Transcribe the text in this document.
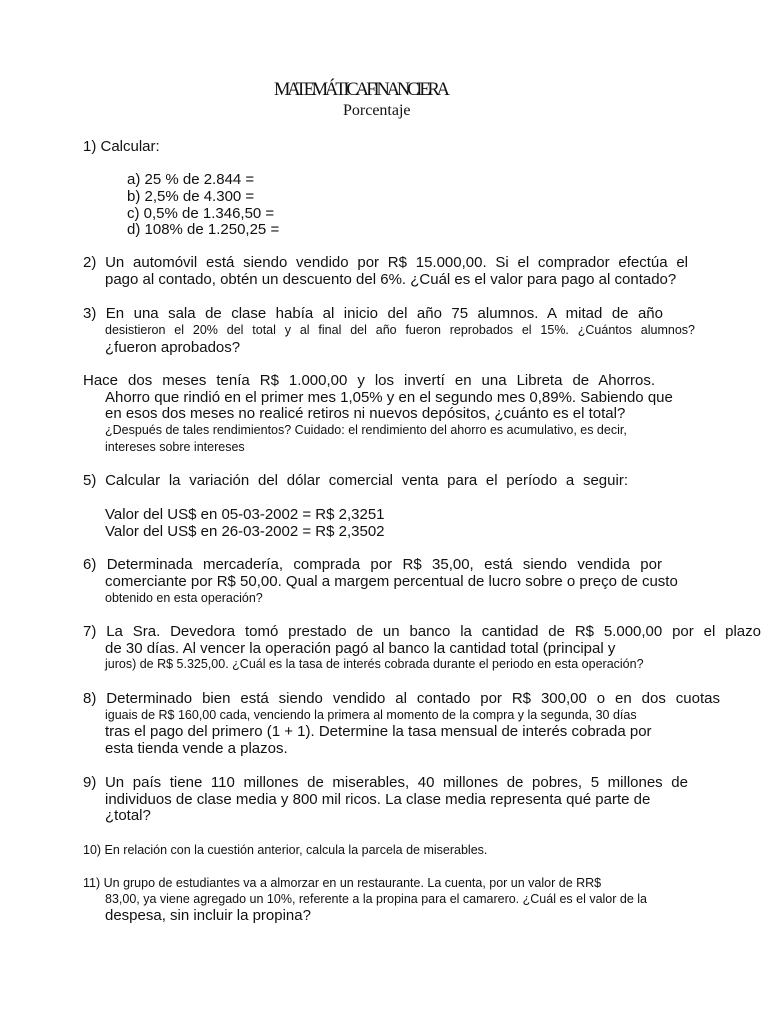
MATEMÁTICA FINANCIERA
Porcentaje
1) Calcular:
a) 25 % de 2.844 =
b) 2,5% de 4.300 =
c) 0,5% de 1.346,50 =
d) 108% de 1.250,25 =
2) Un automóvil está siendo vendido por R$ 15.000,00. Si el comprador efectúa el
pago al contado, obtén un descuento del 6%. ¿Cuál es el valor para pago al contado?
3) En una sala de clase había al inicio del año 75 alumnos. A mitad de año
desistieron el 20% del total y al final del año fueron reprobados el 15%. ¿Cuántos alumnos?
¿fueron aprobados?
Hace dos meses tenía R$ 1.000,00 y los invertí en una Libreta de Ahorros.
Ahorro que rindió en el primer mes 1,05% y en el segundo mes 0,89%. Sabiendo que
en esos dos meses no realicé retiros ni nuevos depósitos, ¿cuánto es el total?
¿Después de tales rendimientos? Cuidado: el rendimiento del ahorro es acumulativo, es decir,
intereses sobre intereses
5) Calcular la variación del dólar comercial venta para el período a seguir:
Valor del US$ en 05-03-2002 = R$ 2,3251
Valor del US$ en 26-03-2002 = R$ 2,3502
6) Determinada mercadería, comprada por R$ 35,00, está siendo vendida por
comerciante por R$ 50,00. Qual a margem percentual de lucro sobre o preço de custo
obtenido en esta operación?
7) La Sra. Devedora tomó prestado de un banco la cantidad de R$ 5.000,00 por el plazo
de 30 días. Al vencer la operación pagó al banco la cantidad total (principal y
juros) de R$ 5.325,00. ¿Cuál es la tasa de interés cobrada durante el periodo en esta operación?
8) Determinado bien está siendo vendido al contado por R$ 300,00 o en dos cuotas
iguais de R$ 160,00 cada, venciendo la primera al momento de la compra y la segunda, 30 días
tras el pago del primero (1 + 1). Determine la tasa mensual de interés cobrada por
esta tienda vende a plazos.
9) Un país tiene 110 millones de miserables, 40 millones de pobres, 5 millones de
individuos de clase media y 800 mil ricos. La clase media representa qué parte de
¿total?
10) En relación con la cuestión anterior, calcula la parcela de miserables.
11) Un grupo de estudiantes va a almorzar en un restaurante. La cuenta, por un valor de RR$
83,00, ya viene agregado un 10%, referente a la propina para el camarero. ¿Cuál es el valor de la
despesa, sin incluir la propina?
